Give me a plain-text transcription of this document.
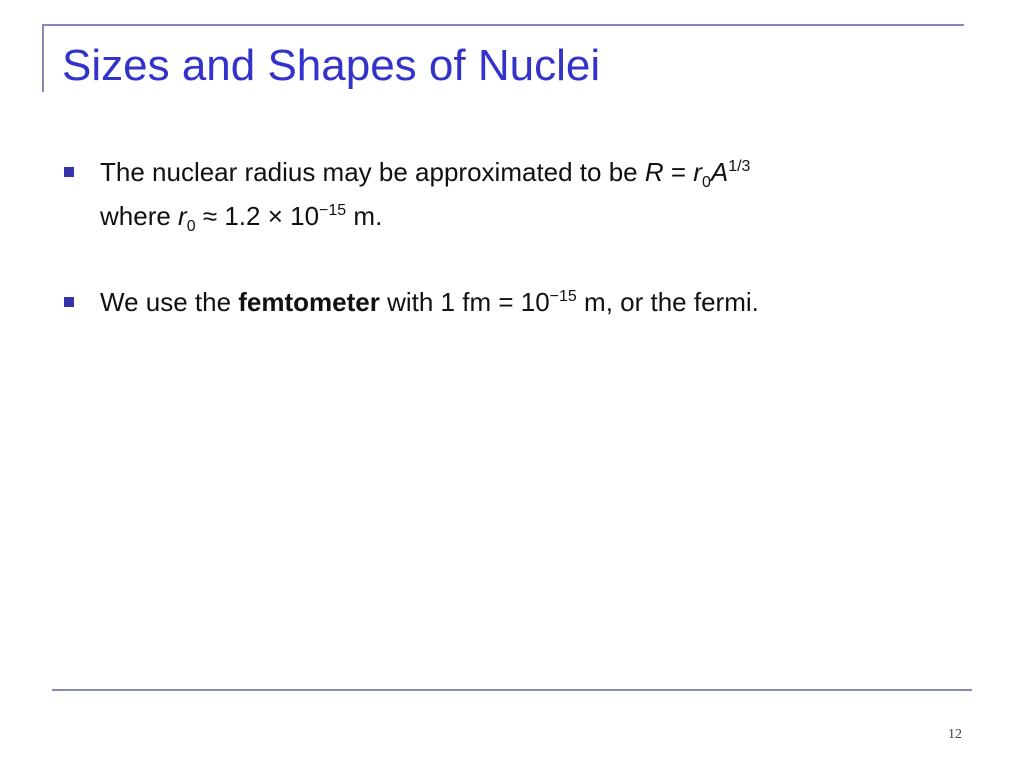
Sizes and Shapes of Nuclei
The nuclear radius may be approximated to be $R = r_0A^{1/3}$
where $r_0 \approx 1.2 \times 10^{-15}$ m.
We use the femtometer with 1 fm = $10^{-15}$ m, or the fermi.
12
